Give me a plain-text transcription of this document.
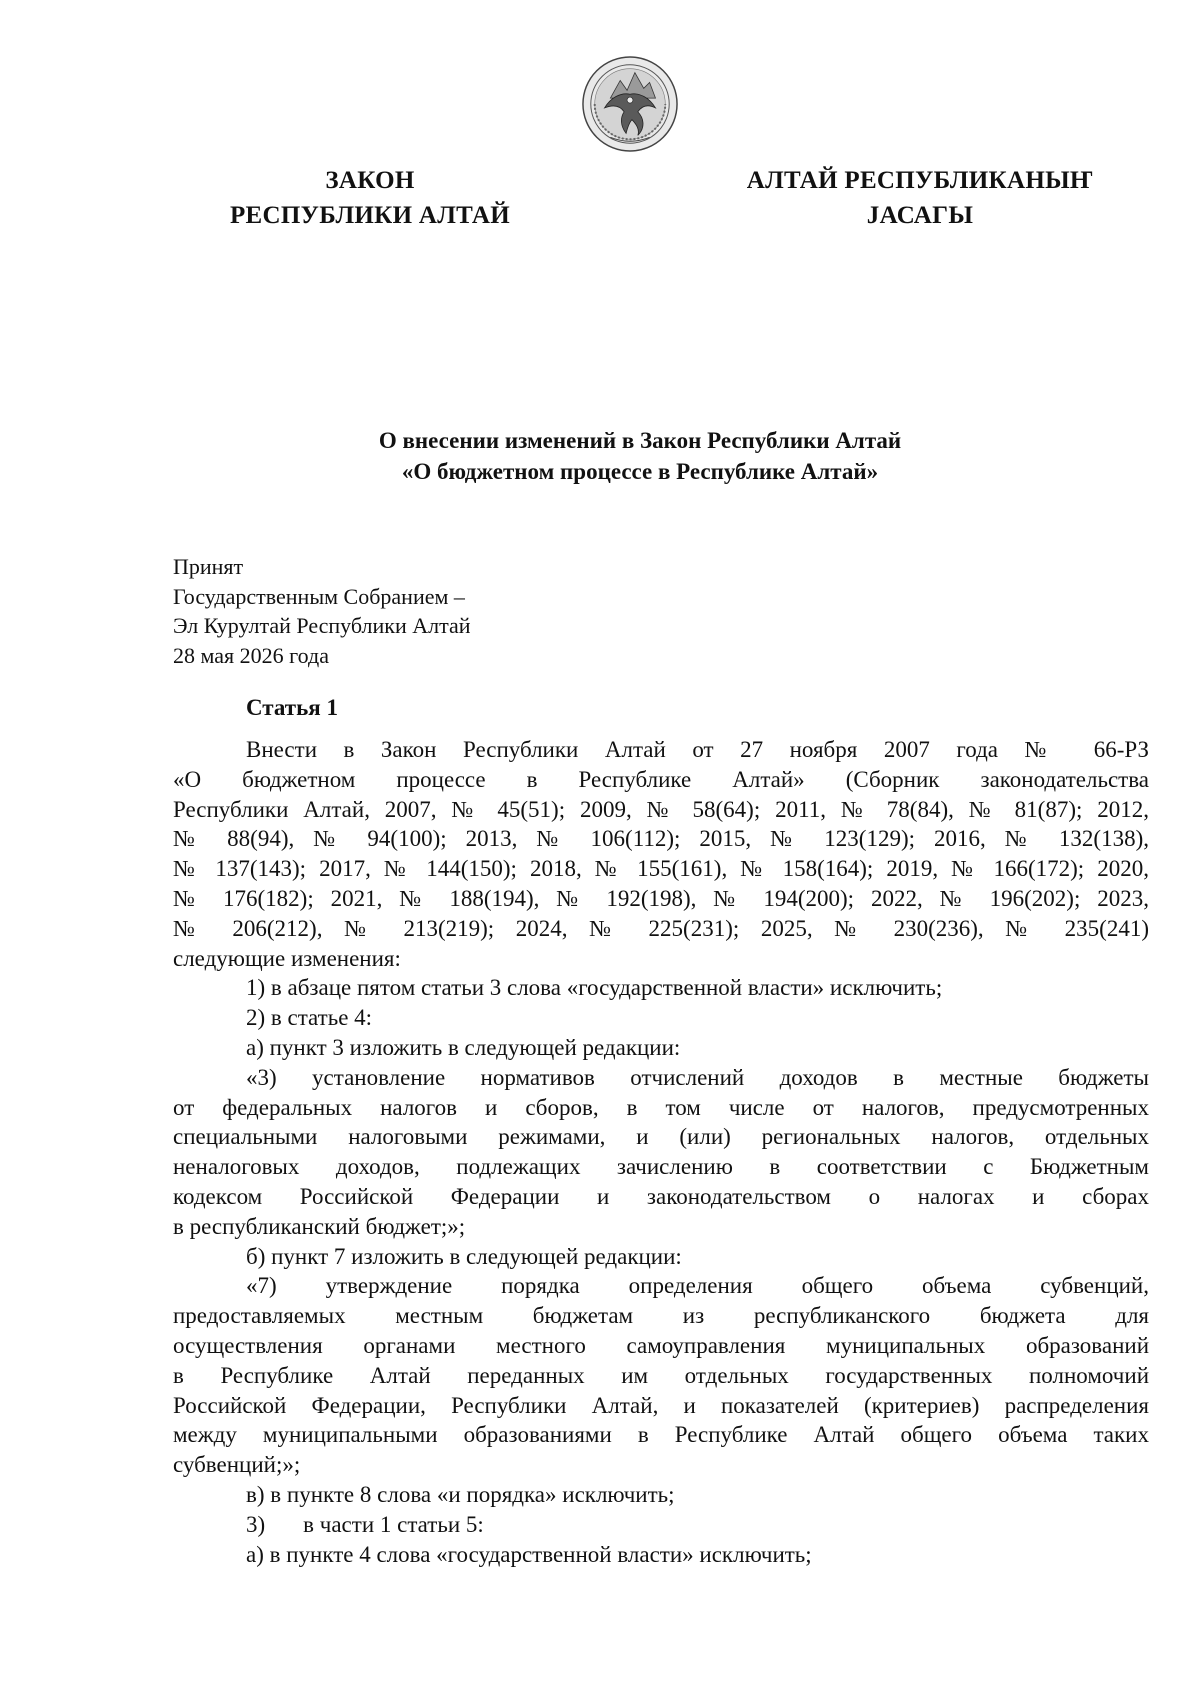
ЗАКОН
РЕСПУБЛИКИ АЛТАЙ
АЛТАЙ РЕСПУБЛИКАНЫҤ
ЈАСАГЫ
О внесении изменений в Закон Республики Алтай
«О бюджетном процессе в Республике Алтай»
Принят
Государственным Собранием –
Эл Курултай Республики Алтай
28 мая 2026 года
Статья 1

Внести в Закон Республики Алтай от 27 ноября 2007 года № 66-РЗ

«О бюджетном процессе в Республике Алтай» (Сборник законодательства

Республики Алтай, 2007, № 45(51); 2009, № 58(64); 2011, № 78(84), № 81(87); 2012,

№ 88(94), № 94(100); 2013, № 106(112); 2015, № 123(129); 2016, № 132(138),

№ 137(143); 2017, № 144(150); 2018, № 155(161), № 158(164); 2019, № 166(172); 2020,

№ 176(182); 2021, № 188(194), № 192(198), № 194(200); 2022, № 196(202); 2023,

№ 206(212), № 213(219); 2024, № 225(231); 2025, № 230(236), № 235(241)

следующие изменения:

1) в абзаце пятом статьи 3 слова «государственной власти» исключить;

2) в статье 4:

а) пункт 3 изложить в следующей редакции:

«3) установление нормативов отчислений доходов в местные бюджеты

от федеральных налогов и сборов, в том числе от налогов, предусмотренных

специальными налоговыми режимами, и (или) региональных налогов, отдельных

неналоговых доходов, подлежащих зачислению в соответствии с Бюджетным

кодексом Российской Федерации и законодательством о налогах и сборах

в республиканский бюджет;»;

б) пункт 7 изложить в следующей редакции:

«7) утверждение порядка определения общего объема субвенций,

предоставляемых местным бюджетам из республиканского бюджета для

осуществления органами местного самоуправления муниципальных образований

в Республике Алтай переданных им отдельных государственных полномочий

Российской Федерации, Республики Алтай, и показателей (критериев) распределения

между муниципальными образованиями в Республике Алтай общего объема таких

субвенций;»;

в) в пункте 8 слова «и порядка» исключить;

3) в части 1 статьи 5:

а) в пункте 4 слова «государственной власти» исключить;
